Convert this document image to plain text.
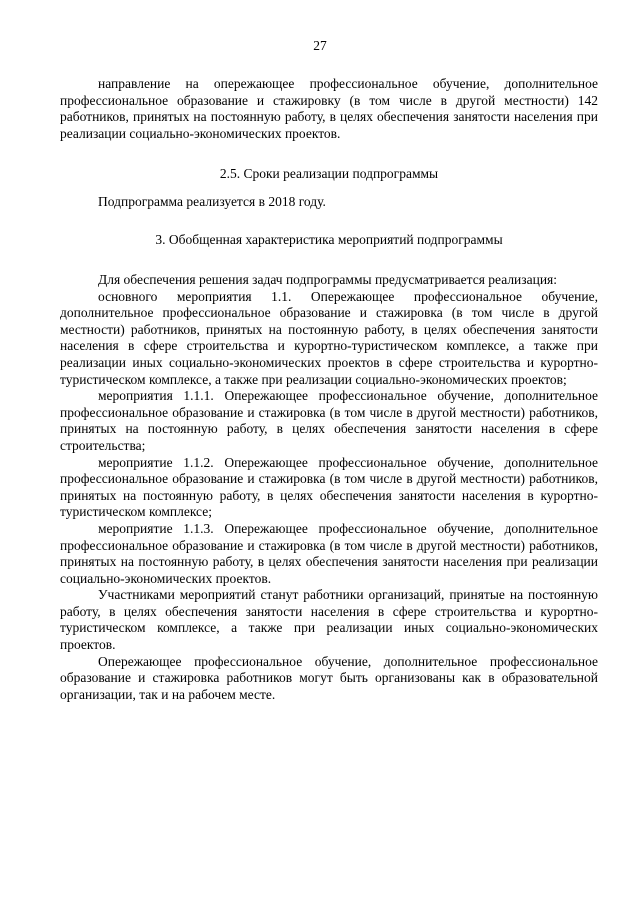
27

направление на опережающее профессиональное обучение, дополнительное профессиональное образование и стажировку (в том числе в другой местности) 142 работников, принятых на постоянную работу, в целях обеспечения занятости населения при реализации социально-экономических проектов.

2.5. Сроки реализации подпрограммы

Подпрограмма реализуется в 2018 году.

3. Обобщенная характеристика мероприятий подпрограммы

Для обеспечения решения задач подпрограммы предусматривается реализация:

основного мероприятия 1.1. Опережающее профессиональное обучение, дополнительное профессиональное образование и стажировка (в том числе в другой местности) работников, принятых на постоянную работу, в целях обеспечения занятости населения в сфере строительства и курортно-туристическом комплексе, а также при реализации иных социально-экономических проектов в сфере строительства и курортно-туристическом комплексе, а также при реализации социально-экономических проектов;

мероприятия 1.1.1. Опережающее профессиональное обучение, дополнительное профессиональное образование и стажировка (в том числе в другой местности) работников, принятых на постоянную работу, в целях обеспечения занятости населения в сфере строительства;

мероприятие 1.1.2. Опережающее профессиональное обучение, дополнительное профессиональное образование и стажировка (в том числе в другой местности) работников, принятых на постоянную работу, в целях обеспечения занятости населения в курортно-туристическом комплексе;

мероприятие 1.1.3. Опережающее профессиональное обучение, дополнительное профессиональное образование и стажировка (в том числе в другой местности) работников, принятых на постоянную работу, в целях обеспечения занятости населения при реализации социально-экономических проектов.

Участниками мероприятий станут работники организаций, принятые на постоянную работу, в целях обеспечения занятости населения в сфере строительства и курортно-туристическом комплексе, а также при реализации иных социально-экономических проектов.

Опережающее профессиональное обучение, дополнительное профессиональное образование и стажировка работников могут быть организованы как в образовательной организации, так и на рабочем месте.
